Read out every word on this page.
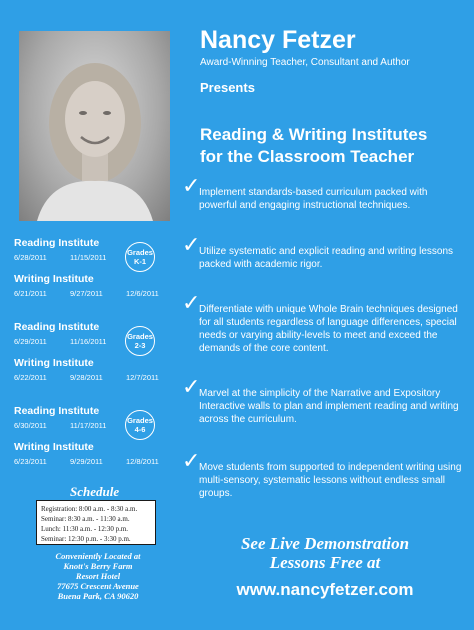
Nancy Fetzer
Award-Winning Teacher, Consultant and Author
Presents
Reading & Writing Institutes
for the Classroom Teacher
✓
Implement standards-based curriculum packed with powerful and engaging instructional techniques.
✓
Utilize systematic and explicit reading and writing lessons packed with academic rigor.
✓
Differentiate with unique Whole Brain techniques designed for all students regardless of language differences, special needs or varying ability-levels to meet and exceed the demands of the core content.
✓
Marvel at the simplicity of the Narrative and Expository Interactive walls to plan and implement reading and writing across the curriculum.
✓
Move students from supported to independent writing using multi-sensory, systematic lessons without endless small groups.
Reading Institute
6/28/2011	11/15/2011
Grades
K-1
Writing Institute
6/21/2011	9/27/2011	12/6/2011
Reading Institute
6/29/2011	11/16/2011
Grades
2-3
Writing Institute
6/22/2011	9/28/2011	12/7/2011
Reading Institute
6/30/2011	11/17/2011
Grades
4-6
Writing Institute
6/23/2011	9/29/2011	12/8/2011
Schedule
Registration: 8:00 a.m. - 8:30 a.m.
Seminar: 8:30 a.m. - 11:30 a.m.
Lunch: 11:30 a.m. - 12:30 p.m.
Seminar: 12:30 p.m. - 3:30 p.m.
Conveniently Located at
Knott's Berry Farm
Resort Hotel
77675 Crescent Avenue
Buena Park, CA 90620
See Live Demonstration
Lessons Free at
www.nancyfetzer.com
